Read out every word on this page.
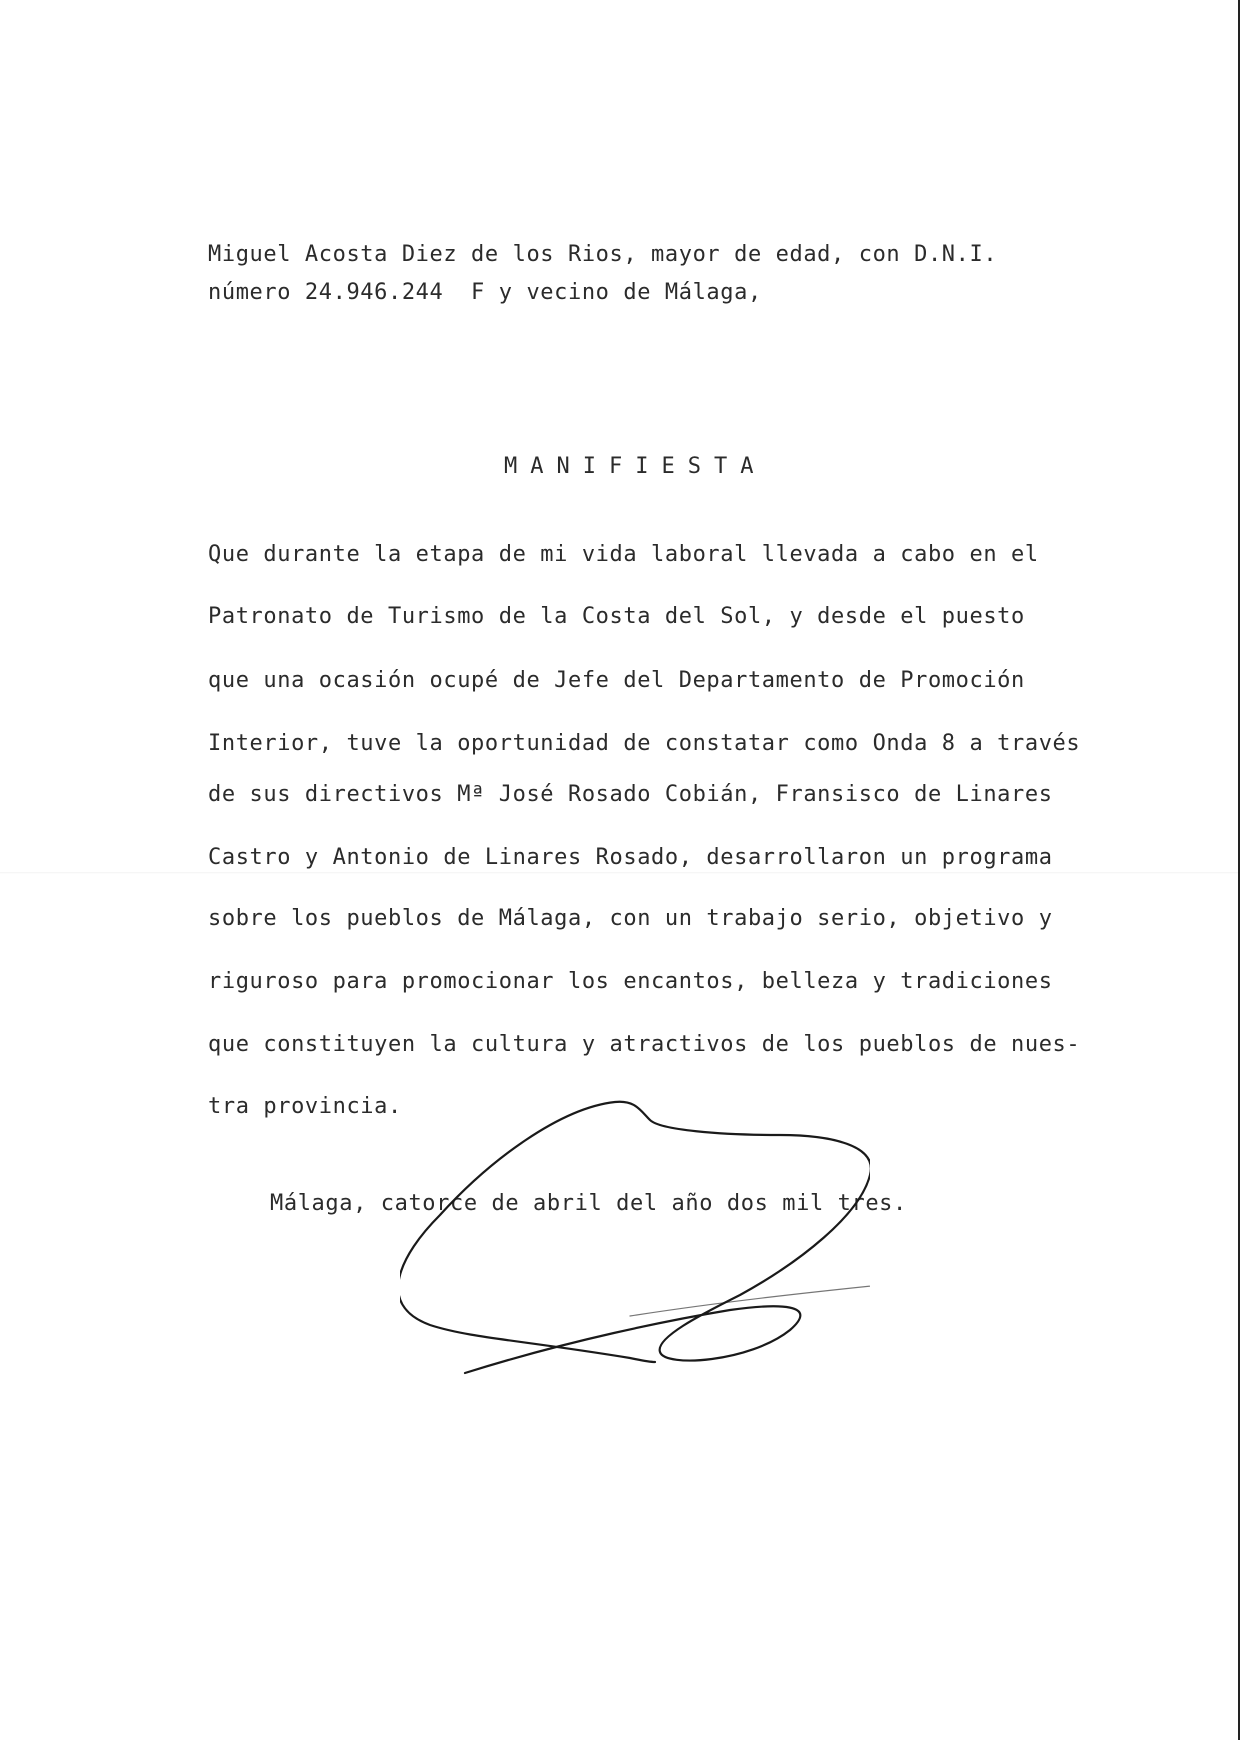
Miguel Acosta Diez de los Rios, mayor de edad, con D.N.I.
número 24.946.244  F y vecino de Málaga,
MANIFIESTA
Que durante la etapa de mi vida laboral llevada a cabo en el
Patronato de Turismo de la Costa del Sol, y desde el puesto
que una ocasión ocupé de Jefe del Departamento de Promoción
Interior, tuve la oportunidad de constatar como Onda 8 a través
de sus directivos Mª José Rosado Cobián, Fransisco de Linares
Castro y Antonio de Linares Rosado, desarrollaron un programa
sobre los pueblos de Málaga, con un trabajo serio, objetivo y
riguroso para promocionar los encantos, belleza y tradiciones
que constituyen la cultura y atractivos de los pueblos de nues-
tra provincia.
Málaga, catorce de abril del año dos mil tres.
